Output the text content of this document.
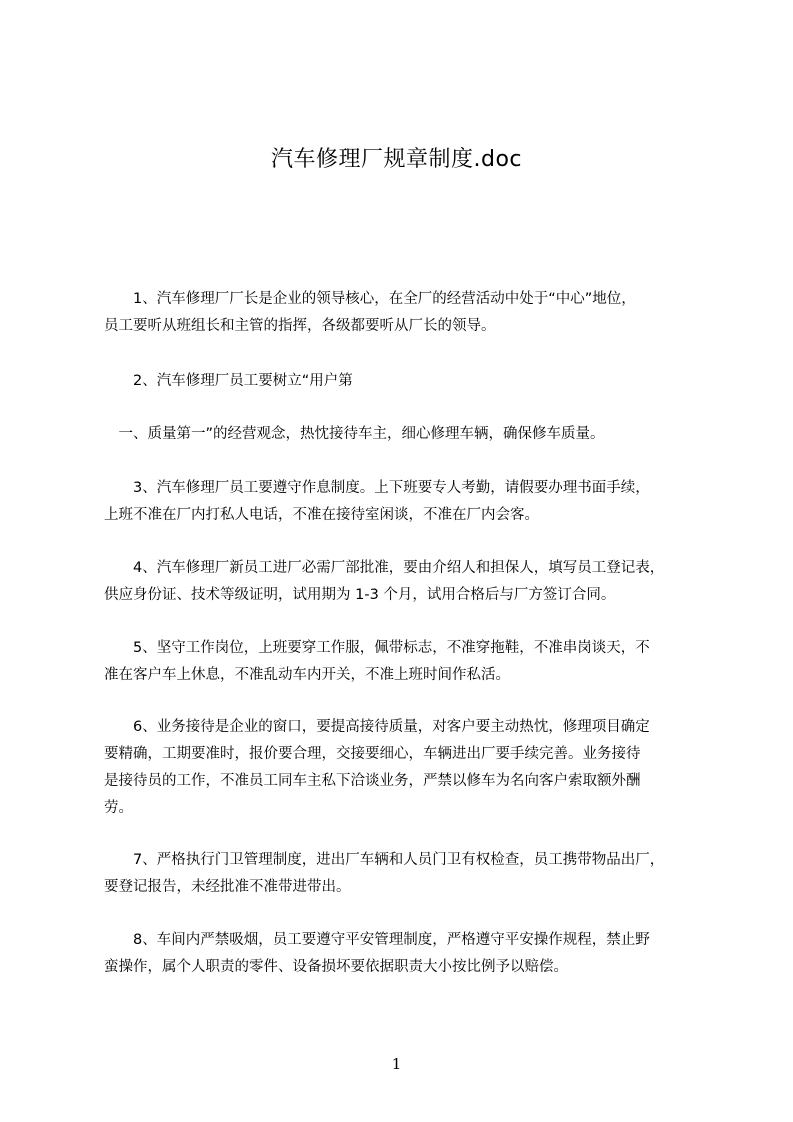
汽车修理厂规章制度.doc
　　1、汽车修理厂厂长是企业的领导核心，在全厂的经营活动中处于“中心”地位，
员工要听从班组长和主管的指挥，各级都要听从厂长的领导。
　　2、汽车修理厂员工要树立“用户第
　一、质量第一”的经营观念，热忱接待车主，细心修理车辆，确保修车质量。
　　3、汽车修理厂员工要遵守作息制度。上下班要专人考勤，请假要办理书面手续，
上班不准在厂内打私人电话，不准在接待室闲谈，不准在厂内会客。
　　4、汽车修理厂新员工进厂必需厂部批准，要由介绍人和担保人，填写员工登记表，
供应身份证、技术等级证明，试用期为 1-3 个月，试用合格后与厂方签订合同。
　　5、坚守工作岗位，上班要穿工作服，佩带标志，不准穿拖鞋，不准串岗谈天，不
准在客户车上休息，不准乱动车内开关，不准上班时间作私活。
　　6、业务接待是企业的窗口，要提高接待质量，对客户要主动热忱，修理项目确定
要精确，工期要准时，报价要合理，交接要细心，车辆进出厂要手续完善。业务接待
是接待员的工作，不准员工同车主私下洽谈业务，严禁以修车为名向客户索取额外酬
劳。
　　7、严格执行门卫管理制度，进出厂车辆和人员门卫有权检查，员工携带物品出厂，
要登记报告，未经批准不准带进带出。
　　8、车间内严禁吸烟，员工要遵守平安管理制度，严格遵守平安操作规程，禁止野
蛮操作，属个人职责的零件、设备损坏要依据职责大小按比例予以赔偿。
1
